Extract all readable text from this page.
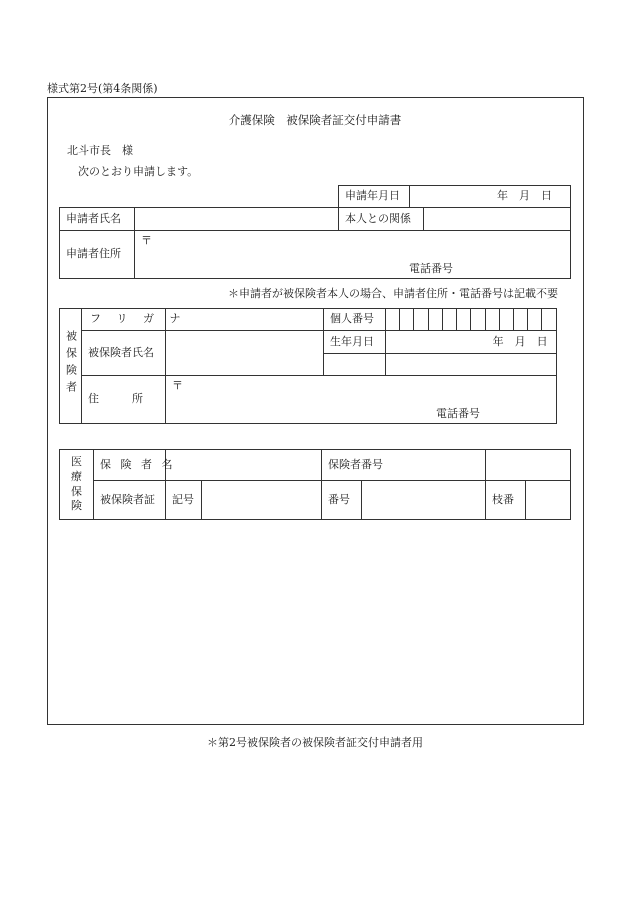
様式第2号(第4条関係)
介護保険　被保険者証交付申請書
北斗市長　様
次のとおり申請します。
申請年月日	年　月　日
申請者氏名		本人との関係	
申請者住所	〒
電話番号		
＊申請者が被保険者本人の場合、申請者住所・電話番号は記載不要
被保険者	フ リ ガ ナ		個人番号												
	被保険者氏名		生年月日	年　月　日											

	住　　　所	〒
電話番号													
医療保険	保 険 者 名			保険者番号			
	被保険者証	記号		番号		枝番	
＊第2号被保険者の被保険者証交付申請者用
